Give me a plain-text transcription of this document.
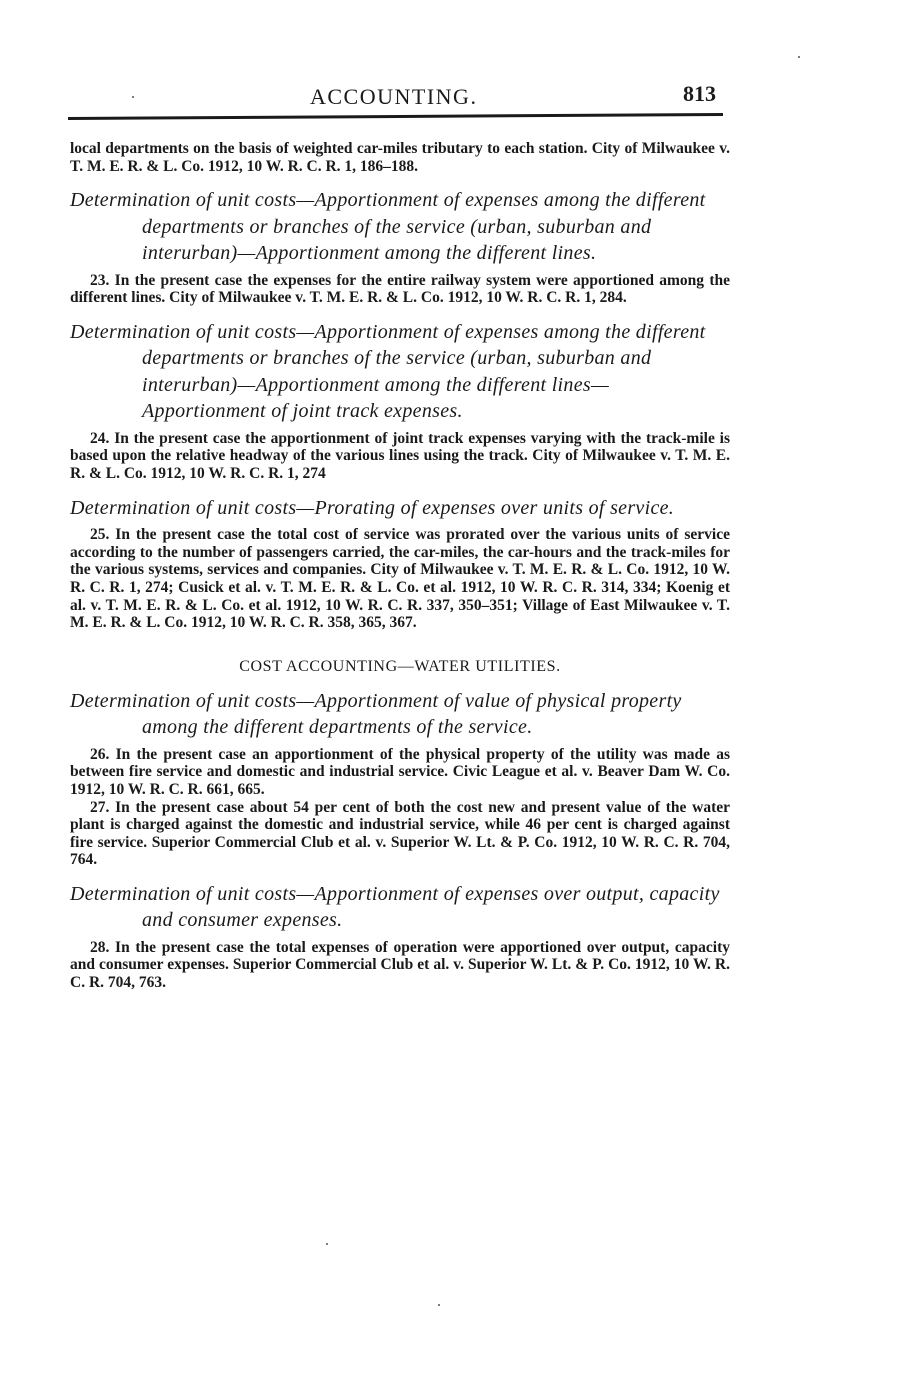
ACCOUNTING.	813

local departments on the basis of weighted car-miles tributary to each station. City of Milwaukee v. T. M. E. R. & L. Co. 1912, 10 W. R. C. R. 1, 186–188.

Determination of unit costs—Apportionment of expenses among the different departments or branches of the service (urban, suburban and interurban)—Apportionment among the different lines.

23. In the present case the expenses for the entire railway system were apportioned among the different lines. City of Milwaukee v. T. M. E. R. & L. Co. 1912, 10 W. R. C. R. 1, 284.

Determination of unit costs—Apportionment of expenses among the different departments or branches of the service (urban, suburban and interurban)—Apportionment among the different lines—Apportionment of joint track expenses.

24. In the present case the apportionment of joint track expenses varying with the track-mile is based upon the relative headway of the various lines using the track. City of Milwaukee v. T. M. E. R. & L. Co. 1912, 10 W. R. C. R. 1, 274

Determination of unit costs—Prorating of expenses over units of service.

25. In the present case the total cost of service was prorated over the various units of service according to the number of passengers carried, the car-miles, the car-hours and the track-miles for the various systems, services and companies. City of Milwaukee v. T. M. E. R. & L. Co. 1912, 10 W. R. C. R. 1, 274; Cusick et al. v. T. M. E. R. & L. Co. et al. 1912, 10 W. R. C. R. 314, 334; Koenig et al. v. T. M. E. R. & L. Co. et al. 1912, 10 W. R. C. R. 337, 350–351; Village of East Milwaukee v. T. M. E. R. & L. Co. 1912, 10 W. R. C. R. 358, 365, 367.

COST ACCOUNTING—WATER UTILITIES.

Determination of unit costs—Apportionment of value of physical property among the different departments of the service.

26. In the present case an apportionment of the physical property of the utility was made as between fire service and domestic and industrial service. Civic League et al. v. Beaver Dam W. Co. 1912, 10 W. R. C. R. 661, 665.

27. In the present case about 54 per cent of both the cost new and present value of the water plant is charged against the domestic and industrial service, while 46 per cent is charged against fire service. Superior Commercial Club et al. v. Superior W. Lt. & P. Co. 1912, 10 W. R. C. R. 704, 764.

Determination of unit costs—Apportionment of expenses over output, capacity and consumer expenses.

28. In the present case the total expenses of operation were apportioned over output, capacity and consumer expenses. Superior Commercial Club et al. v. Superior W. Lt. & P. Co. 1912, 10 W. R. C. R. 704, 763.
